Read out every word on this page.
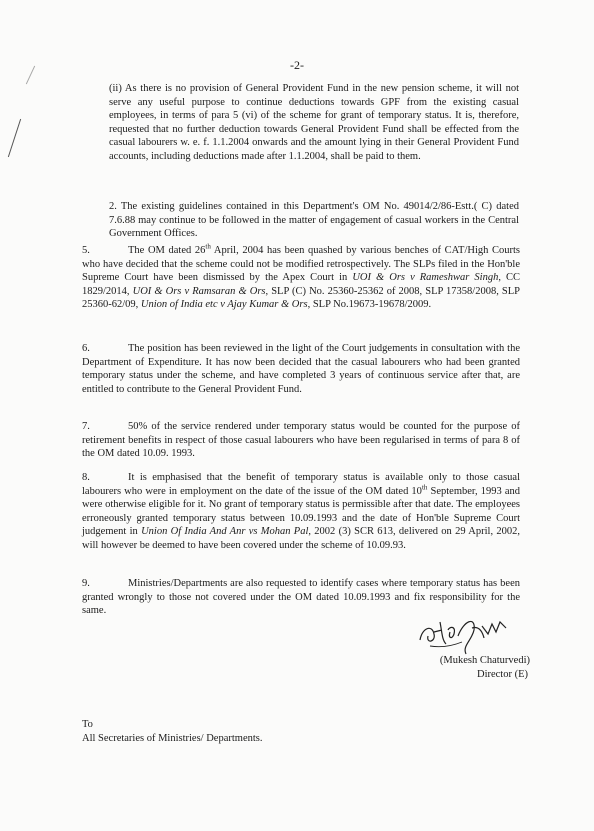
-2-
(ii) As there is no provision of General Provident Fund in the new pension scheme, it will not serve any useful purpose to continue deductions towards GPF from the existing casual employees, in terms of para 5 (vi) of the scheme for grant of temporary status. It is, therefore, requested that no further deduction towards General Provident Fund shall be effected from the casual labourers w. e. f. 1.1.2004 onwards and the amount lying in their General Provident Fund accounts, including deductions made after 1.1.2004, shall be paid to them.
2. The existing guidelines contained in this Department's OM No. 49014/2/86-Estt.( C) dated 7.6.88 may continue to be followed in the matter of engagement of casual workers in the Central Government Offices.
5.	The OM dated 26th April, 2004 has been quashed by various benches of CAT/High Courts who have decided that the scheme could not be modified retrospectively. The SLPs filed in the Hon'ble Supreme Court have been dismissed by the Apex Court in UOI & Ors v Rameshwar Singh, CC 1829/2014, UOI & Ors v Ramsaran & Ors, SLP (C) No. 25360-25362 of 2008, SLP 17358/2008, SLP 25360-62/09, Union of India etc v Ajay Kumar & Ors, SLP No.19673-19678/2009.
6.	The position has been reviewed in the light of the Court judgements in consultation with the Department of Expenditure. It has now been decided that the casual labourers who had been granted temporary status under the scheme, and have completed 3 years of continuous service after that, are entitled to contribute to the General Provident Fund.
7.	50% of the service rendered under temporary status would be counted for the purpose of retirement benefits in respect of those casual labourers who have been regularised in terms of para 8 of the OM dated 10.09. 1993.
8.	It is emphasised that the benefit of temporary status is available only to those casual labourers who were in employment on the date of the issue of the OM dated 10th September, 1993 and were otherwise eligible for it. No grant of temporary status is permissible after that date. The employees erroneously granted temporary status between 10.09.1993 and the date of Hon'ble Supreme Court judgement in Union Of India And Anr vs Mohan Pal, 2002 (3) SCR 613, delivered on 29 April, 2002, will however be deemed to have been covered under the scheme of 10.09.93.
9.	Ministries/Departments are also requested to identify cases where temporary status has been granted wrongly to those not covered under the OM dated 10.09.1993 and fix responsibility for the same.
(Mukesh Chaturvedi)
Director (E)
To
All Secretaries of Ministries/ Departments.
